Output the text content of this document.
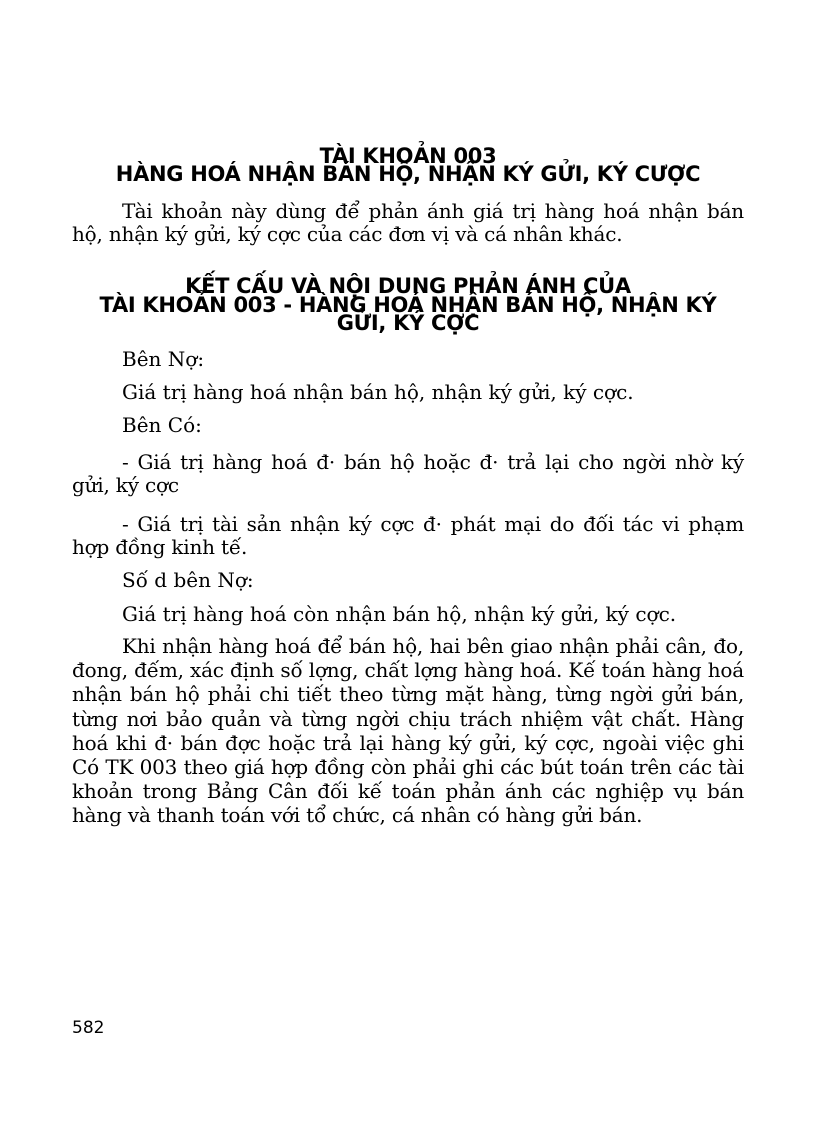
TÀI KHOẢN 003
HÀNG HOÁ NHẬN BÁN HỘ, NHẬN KÝ GỬI, KÝ CƯỢC
Tài khoản này dùng để phản ánh giá trị hàng hoá nhận bán hộ, nhận ký gửi, ký cợc của các đơn vị và cá nhân khác.
KẾT CẤU VÀ NỘI DUNG PHẢN ÁNH CỦA
TÀI KHOẢN 003 - HÀNG HOÁ NHẬN BÁN HỘ, NHẬN KÝ
GỬI, KÝ CỢC
Bên Nợ:
Giá trị hàng hoá nhận bán hộ, nhận ký gửi, ký cợc.
Bên Có:
- Giá trị hàng hoá đ· bán hộ hoặc đ· trả lại cho ngời nhờ ký gửi, ký cợc
- Giá trị tài sản nhận ký cợc đ· phát mại do đối tác vi phạm hợp đồng kinh tế.
Số d bên Nợ:
Giá trị hàng hoá còn nhận bán hộ, nhận ký gửi, ký cợc.
Khi nhận hàng hoá để bán hộ, hai bên giao nhận phải cân, đo, đong, đếm, xác định số lợng, chất lợng hàng hoá. Kế toán hàng hoá nhận bán hộ phải chi tiết theo từng mặt hàng, từng ngời gửi bán, từng nơi bảo quản và từng ngời chịu trách nhiệm vật chất. Hàng hoá khi đ· bán đợc hoặc trả lại hàng ký gửi, ký cợc, ngoài việc ghi Có TK 003 theo giá hợp đồng còn phải ghi các bút toán trên các tài khoản trong Bảng Cân đối kế toán phản ánh các nghiệp vụ bán hàng và thanh toán với tổ chức, cá nhân có hàng gửi bán.
582
